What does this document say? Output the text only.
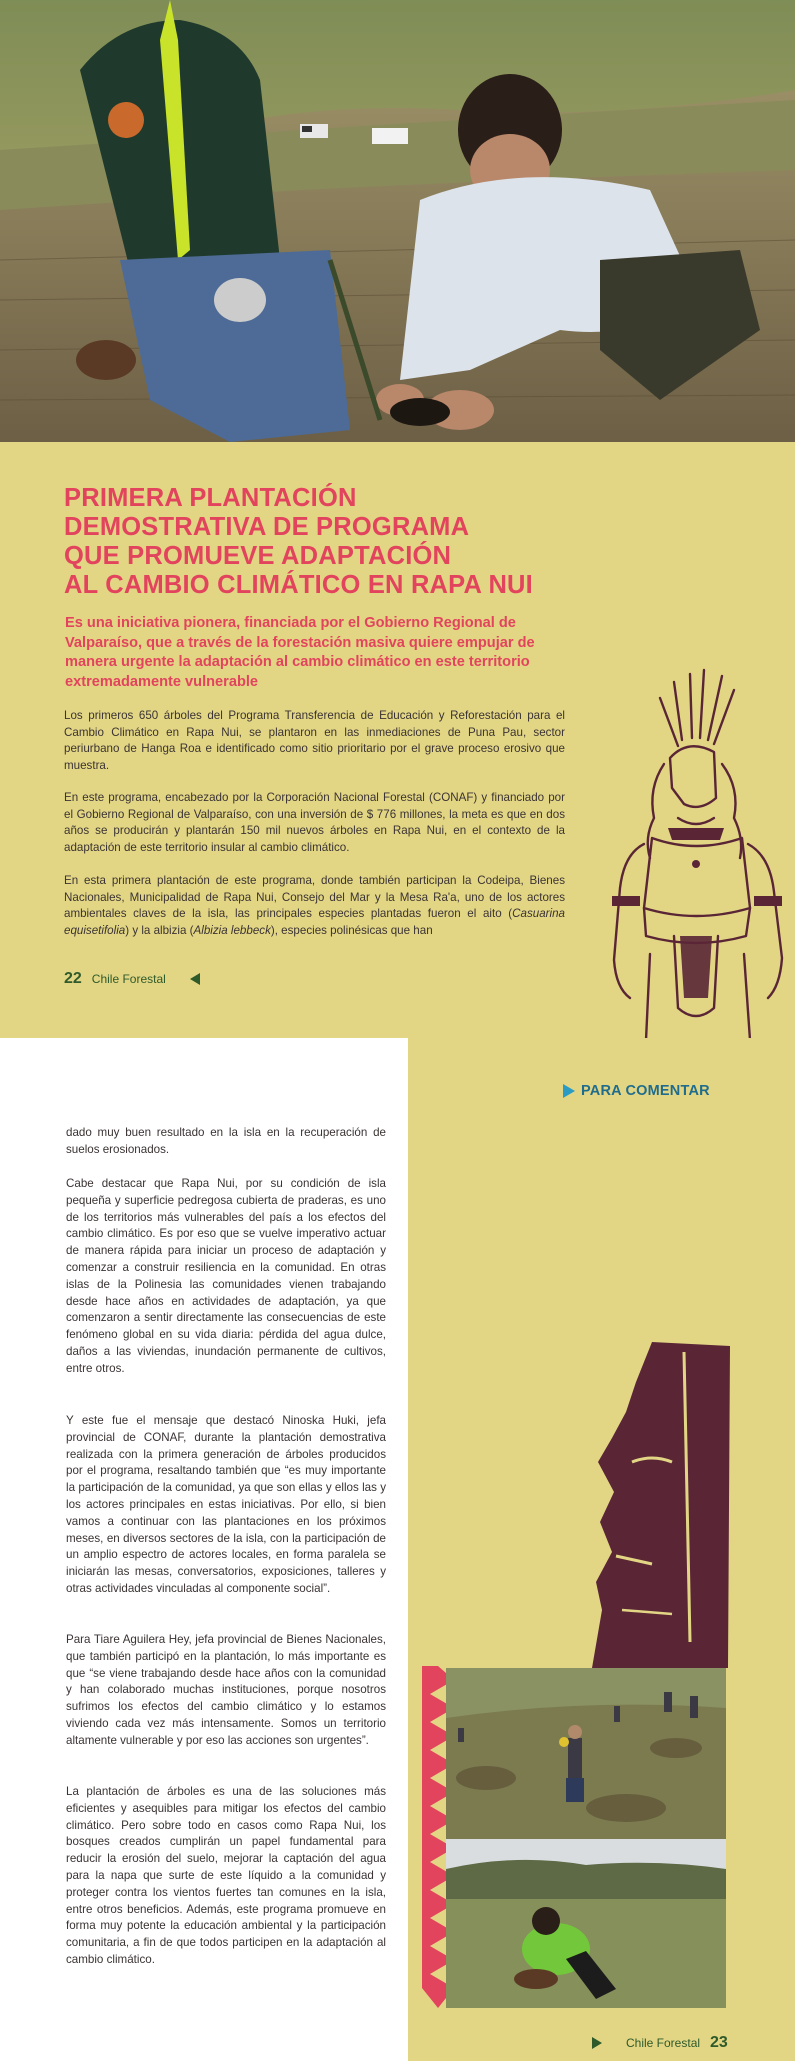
PRIMERA PLANTACIÓN
DEMOSTRATIVA DE PROGRAMA
QUE PROMUEVE ADAPTACIÓN
AL CAMBIO CLIMÁTICO EN RAPA NUI

Es una iniciativa pionera, financiada por el Gobierno Regional de Valparaíso, que a través de la forestación masiva quiere empujar de manera urgente la adaptación al cambio climático en este territorio extremadamente vulnerable

Los primeros 650 árboles del Programa Transferencia de Educación y Reforestación para el Cambio Climático en Rapa Nui, se plantaron en las inmediaciones de Puna Pau, sector periurbano de Hanga Roa e identificado como sitio prioritario por el grave proceso erosivo que muestra.

En este programa, encabezado por la Corporación Nacional Forestal (CONAF) y financiado por el Gobierno Regional de Valparaíso, con una inversión de $ 776 millones, la meta es que en dos años se producirán y plantarán 150 mil nuevos árboles en Rapa Nui, en el contexto de la adaptación de este territorio insular al cambio climático.

En esta primera plantación de este programa, donde también participan la Codeipa, Bienes Nacionales, Municipalidad de Rapa Nui, Consejo del Mar y la Mesa Ra'a, uno de los actores ambientales claves de la isla, las principales especies plantadas fueron el aito (Casuarina equisetifolia) y la albizia (Albizia lebbeck), especies polinésicas que han

22 Chile Forestal
PARA COMENTAR

dado muy buen resultado en la isla en la recuperación de suelos erosionados.

Cabe destacar que Rapa Nui, por su condición de isla pequeña y superficie pedregosa cubierta de praderas, es uno de los territorios más vulnerables del país a los efectos del cambio climático. Es por eso que se vuelve imperativo actuar de manera rápida para iniciar un proceso de adaptación y comenzar a construir resiliencia en la comunidad. En otras islas de la Polinesia las comunidades vienen trabajando desde hace años en actividades de adaptación, ya que comenzaron a sentir directamente las consecuencias de este fenómeno global en su vida diaria: pérdida del agua dulce, daños a las viviendas, inundación permanente de cultivos, entre otros.

Y este fue el mensaje que destacó Ninoska Huki, jefa provincial de CONAF, durante la plantación demostrativa realizada con la primera generación de árboles producidos por el programa, resaltando también que “es muy importante la participación de la comunidad, ya que son ellas y ellos las y los actores principales en estas iniciativas. Por ello, si bien vamos a continuar con las plantaciones en los próximos meses, en diversos sectores de la isla, con la participación de un amplio espectro de actores locales, en forma paralela se iniciarán las mesas, conversatorios, exposiciones, talleres y otras actividades vinculadas al componente social”.

Para Tiare Aguilera Hey, jefa provincial de Bienes Nacionales, que también participó en la plantación, lo más importante es que “se viene trabajando desde hace años con la comunidad y han colaborado muchas instituciones, porque nosotros sufrimos los efectos del cambio climático y lo estamos viviendo cada vez más intensamente. Somos un territorio altamente vulnerable y por eso las acciones son urgentes”.

La plantación de árboles es una de las soluciones más eficientes y asequibles para mitigar los efectos del cambio climático. Pero sobre todo en casos como Rapa Nui, los bosques creados cumplirán un papel fundamental para reducir la erosión del suelo, mejorar la captación del agua para la napa que surte de este líquido a la comunidad y proteger contra los vientos fuertes tan comunes en la isla, entre otros beneficios. Además, este programa promueve en forma muy potente la educación ambiental y la participación comunitaria, a fin de que todos participen en la adaptación al cambio climático.

Chile Forestal 23
